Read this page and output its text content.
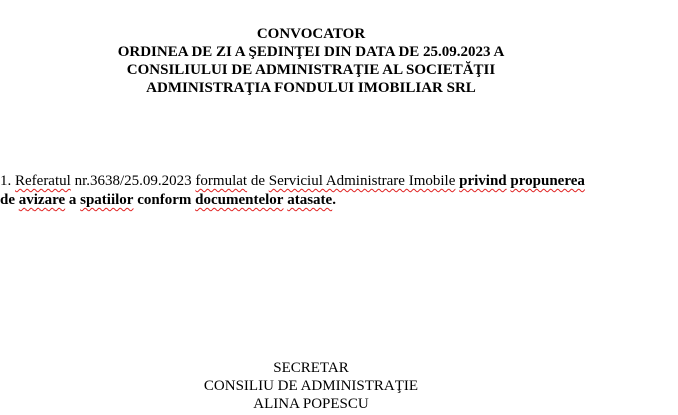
CONVOCATOR
ORDINEA DE ZI A ŞEDINŢEI DIN DATA DE 25.09.2023 A
CONSILIULUI DE ADMINISTRAŢIE AL SOCIETĂŢII
ADMINISTRAŢIA FONDULUI IMOBILIAR SRL
1. Referatul nr.3638/25.09.2023 formulat de Serviciul Administrare Imobile privind propunerea
de avizare a spatiilor conform documentelor atasate.
SECRETAR
CONSILIU DE ADMINISTRAŢIE
ALINA POPESCU
